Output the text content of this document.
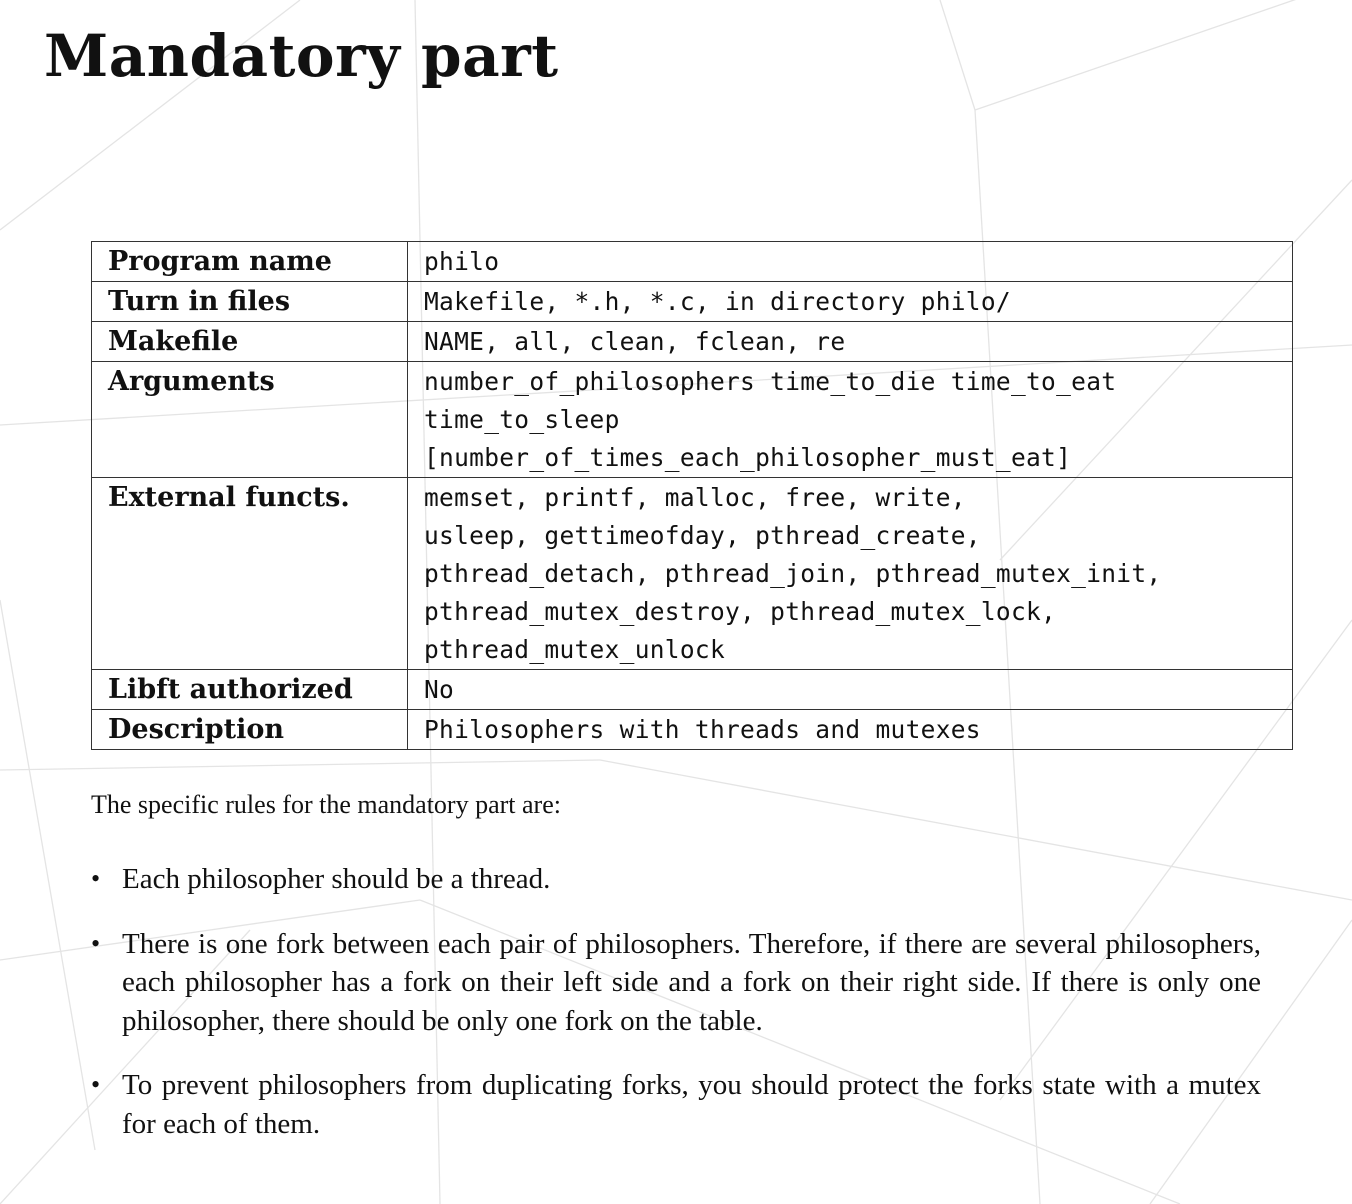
Mandatory part
Program name	philo

Turn in files	Makefile, *.h, *.c, in directory philo/

Makefile	NAME, all, clean, fclean, re

Arguments	number_of_philosophers time_to_die time_to_eat
time_to_sleep
[number_of_times_each_philosopher_must_eat]

External functs.	memset, printf, malloc, free, write,
usleep, gettimeofday, pthread_create,
pthread_detach, pthread_join, pthread_mutex_init,
pthread_mutex_destroy, pthread_mutex_lock,
pthread_mutex_unlock

Libft authorized	No

Description	Philosophers with threads and mutexes

The specific rules for the mandatory part are:

• Each philosopher should be a thread.
• There is one fork between each pair of philosophers. Therefore, if there are several philosophers, each philosopher has a fork on their left side and a fork on their right side. If there is only one philosopher, there should be only one fork on the table.
• To prevent philosophers from duplicating forks, you should protect the forks state with a mutex for each of them.
